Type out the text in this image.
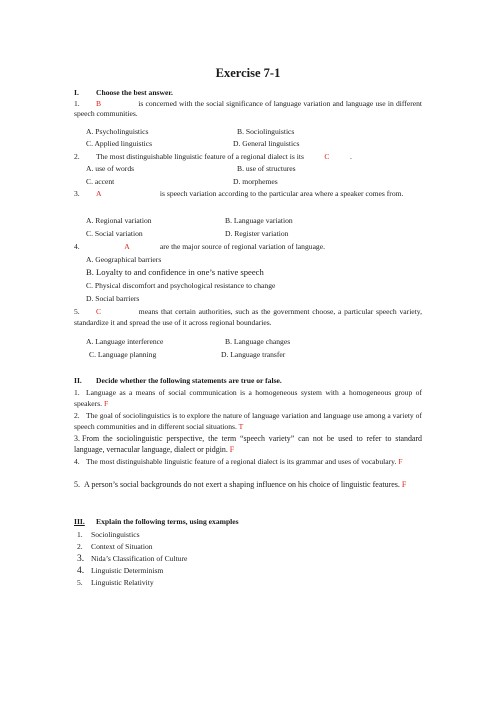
Exercise 7-1
I. Choose the best answer.
1. B	is concerned with the social significance of language variation and language use in different speech communities.
A. Psycholinguistics	B. Sociolinguistics
C. Applied linguistics	D. General linguistics
2. The most distinguishable linguistic feature of a regional dialect is its	C	.
A. use of words	B. use of structures
C. accent	D. morphemes
3. A	is speech variation according to the particular area where a speaker comes from.
A. Regional variation	B. Language variation
C. Social variation	D. Register variation
4.	A	are the major source of regional variation of language.
A. Geographical barriers
B. Loyalty to and confidence in one’s native speech
C. Physical discomfort and psychological resistance to change
D. Social barriers
5. C	means that certain authorities, such as the government choose, a particular speech variety, standardize it and spread the use of it across regional boundaries.
A. Language interference	B. Language changes
C. Language planning	D. Language transfer
II. Decide whether the following statements are true or false.
1. Language as a means of social communication is a homogeneous system with a homogeneous group of speakers. F
2. The goal of sociolinguistics is to explore the nature of language variation and language use among a variety of speech communities and in different social situations. T
3. From the sociolinguistic perspective, the term “speech variety” can not be used to refer to standard language, vernacular language, dialect or pidgin. F
4. The most distinguishable linguistic feature of a regional dialect is its grammar and uses of vocabulary. F
5. A person’s social backgrounds do not exert a shaping influence on his choice of linguistic features. F
III. Explain the following terms, using examples
1. Sociolinguistics
2. Context of Situation
3. Nida’s Classification of Culture
4. Linguistic Determinism
5. Linguistic Relativity
